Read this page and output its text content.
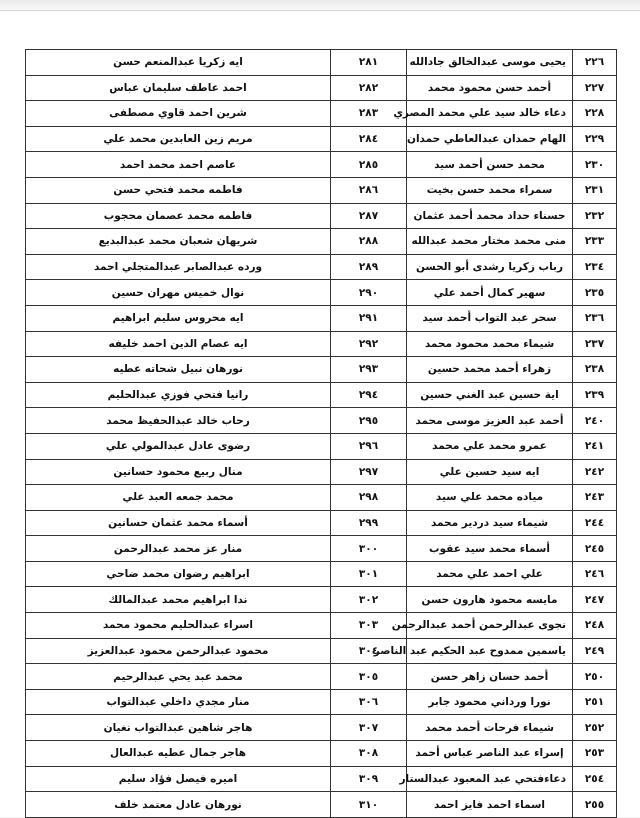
ايه زكريا عبدالمنعم حسن	٢٨١	يحيى موسى عبدالخالق جادالله	٢٢٦
احمد عاطف سليمان عباس	٢٨٢	أحمد حسن محمود محمد	٢٢٧
شرين احمد قاوي مصطفى	٢٨٣	دعاء خالد سيد علي محمد المصري	٢٢٨
مريم زين العابدين محمد علي	٢٨٤	الهام حمدان عبدالعاطي حمدان	٢٢٩
عاصم احمد محمد احمد	٢٨٥	محمد حسن أحمد سيد	٢٣٠
فاطمه محمد فتحي حسن	٢٨٦	سمراء محمد حسن بخيت	٢٣١
فاطمه محمد عصمان محجوب	٢٨٧	حسناء حداد محمد أحمد عثمان	٢٣٢
شريهان شعبان محمد عبدالبديع	٢٨٨	منى محمد مختار محمد عبدالله	٢٣٣
ورده عبدالصابر عبدالمتجلي احمد	٢٨٩	رباب زكريا رشدى أبو الحسن	٢٣٤
نوال خميس مهران حسين	٢٩٠	سهير كمال أحمد علي	٢٣٥
ايه محروس سليم ابراهيم	٢٩١	سحر عبد التواب أحمد سيد	٢٣٦
ايه عصام الدين احمد خليفه	٢٩٢	شيماء محمد محمود محمد	٢٣٧
نورهان نبيل شحاته عطيه	٢٩٣	زهراء أحمد محمد حسين	٢٣٨
رانيا فتحي فوزي عبدالحليم	٢٩٤	اية حسين عبد الغني حسين	٢٣٩
رحاب خالد عبدالحفيظ محمد	٢٩٥	أحمد عبد العزيز موسى محمد	٢٤٠
رضوى عادل عبدالمولي علي	٢٩٦	عمرو محمد علي محمد	٢٤١
منال ربيع محمود حسانين	٢٩٧	ايه سيد حسين علي	٢٤٢
محمد جمعه العبد علي	٢٩٨	مياده محمد علي سيد	٢٤٣
أسماء محمد عثمان حسانين	٢٩٩	شيماء سيد دردير محمد	٢٤٤
منار عز محمد عبدالرحمن	٣٠٠	أسماء محمد سيد عقوب	٢٤٥
ابراهيم رضوان محمد ضاحي	٣٠١	علي احمد علي محمد	٢٤٦
ندا ابراهيم محمد عبدالمالك	٣٠٢	مايسه محمود هارون حسن	٢٤٧
اسراء عبدالحليم محمود محمد	٣٠٣	نجوى عبدالرحمن أحمد عبدالرحمن	٢٤٨
محمود عبدالرحمن محمود عبدالعزيز	٣٠٤	ياسمين ممدوح عبد الحكيم عبد الناصر	٢٤٩
محمد عبد يحي عبدالرحيم	٣٠٥	أحمد حسان زاهر حسن	٢٥٠
منار مجدي داخلي عبدالتواب	٣٠٦	نورا ورداني محمود جابر	٢٥١
هاجر شاهين عبدالتواب نغيان	٣٠٧	شيماء فرحات أحمد محمد	٢٥٢
هاجر جمال عطيه عبدالعال	٣٠٨	إسراء عبد الناصر عباس أحمد	٢٥٣
اميره فيصل فؤاد سليم	٣٠٩	دعاءفتحي عبد المعبود عبدالستار	٢٥٤
نورهان عادل معتمد خلف	٣١٠	اسماء احمد فايز احمد	٢٥٥
